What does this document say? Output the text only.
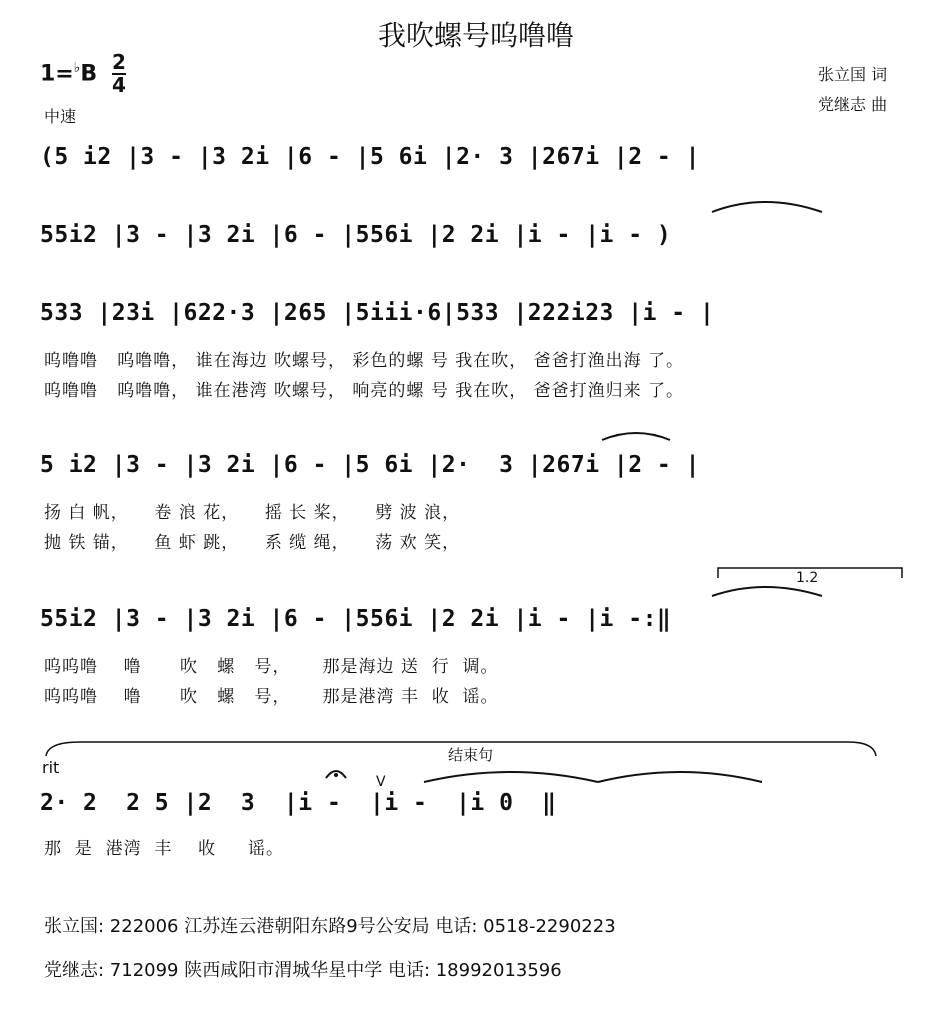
我吹螺号呜噜噜
1=♭B 2
4
中速
张立国 词
党继志 曲
(5 i2 |3 - |3 2i |6 - |5 6i |2· 3 |267i |2 - |
55i2 |3 - |3 2i |6 - |556i |2 2i |i - |i - )
533 |23i |622·3 |265 |5iii·6|533 |222i23 |i - |
呜噜噜   呜噜噜， 谁在海边 吹螺号， 彩色的螺 号 我在吹， 爸爸打渔出海 了。
呜噜噜   呜噜噜， 谁在港湾 吹螺号， 响亮的螺 号 我在吹， 爸爸打渔归来 了。
5 i2 |3 - |3 2i |6 - |5 6i |2·  3 |267i |2 - |
扬 白 帆，    卷 浪 花，    摇 长 桨，    劈 波 浪，
抛 铁 锚，    鱼 虾 跳，    系 缆 绳，    荡 欢 笑，
1.2
55i2 |3 - |3 2i |6 - |556i |2 2i |i - |i -:‖
呜呜噜    噜      吹   螺   号，     那是海边 送  行  调。
呜呜噜    噜      吹   螺   号，     那是港湾 丰  收  谣。
rit
结束句
V
2· 2  2 5 |2  3  |i -  |i -  |i 0  ‖
那  是  港湾  丰    收     谣。
张立国: 222006 江苏连云港朝阳东路9号公安局 电话: 0518-2290223
党继志: 712099 陕西咸阳市渭城华星中学 电话: 18992013596
